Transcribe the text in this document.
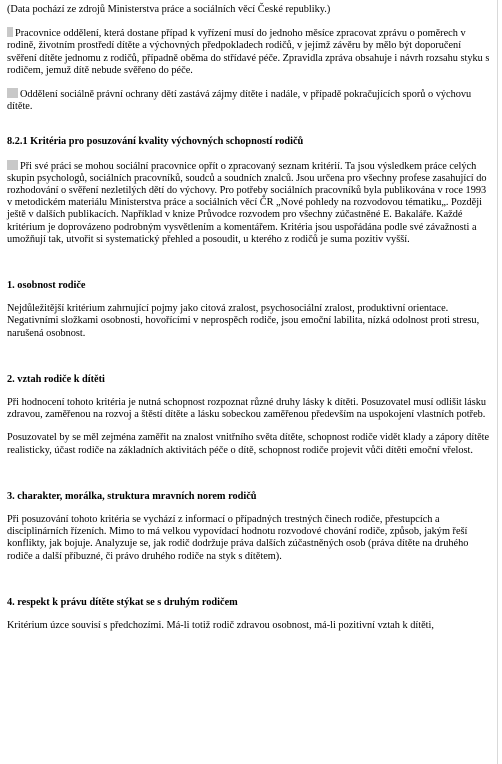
(Data pochází ze zdrojů Ministerstva práce a sociálních věcí České republiky.)

Pracovnice oddělení, která dostane případ k vyřízení musí do jednoho měsíce zpracovat zprávu o poměrech v rodině, životním prostředí dítěte a výchovných předpokladech rodičů, v jejímž závěru by mělo být doporučení svěření dítěte jednomu z rodičů, případně oběma do střídavé péče. Zpravidla zpráva obsahuje i návrh rozsahu styku s rodičem, jemuž dítě nebude svěřeno do péče.

Oddělení sociálně právní ochrany dětí zastává zájmy dítěte i nadále, v případě pokračujících sporů o výchovu dítěte.

8.2.1 Kritéria pro posuzování kvality výchovných schopností rodičů

Při své práci se mohou sociální pracovnice opřít o zpracovaný seznam kritérií. Ta jsou výsledkem práce celých skupin psychologů, sociálních pracovníků, soudců a soudních znalců. Jsou určena pro všechny profese zasahující do rozhodování o svěření nezletilých dětí do výchovy. Pro potřeby sociálních pracovníků byla publikována v roce 1993 v metodickém materiálu Ministerstva práce a sociálních věcí ČR „Nové pohledy na rozvodovou tématiku„. Později ještě v dalších publikacích. Například v knize Průvodce rozvodem pro všechny zúčastněné E. Bakaláře. Každé kritérium je doprovázeno podrobným vysvětlením a komentářem. Kritéria jsou uspořádána podle své závažnosti a umožňují tak, utvořit si systematický přehled a posoudit, u kterého z rodičů je suma pozitiv vyšší.

1. osobnost rodiče

Nejdůležitější kritérium zahrnující pojmy jako citová zralost, psychosociální zralost, produktivní orientace. Negativními složkami osobnosti, hovořícími v neprospěch rodiče, jsou emoční labilita, nízká odolnost proti stresu, narušená osobnost.

2. vztah rodiče k dítěti

Při hodnocení tohoto kritéria je nutná schopnost rozpoznat různé druhy lásky k dítěti. Posuzovatel musí odlišit lásku zdravou, zaměřenou na rozvoj a štěstí dítěte a lásku sobeckou zaměřenou především na uspokojení vlastních potřeb.

Posuzovatel by se měl zejména zaměřit na znalost vnitřního světa dítěte, schopnost rodiče vidět klady a zápory dítěte realisticky, účast rodiče na základních aktivitách péče o dítě, schopnost rodiče projevit vůči dítěti emoční vřelost.

3. charakter, morálka, struktura mravních norem rodičů

Při posuzování tohoto kritéria se vychází z informací o případných trestných činech rodiče, přestupcích a disciplinárních řízeních. Mimo to má velkou vypovídací hodnotu rozvodové chování rodiče, způsob, jakým řeší konflikty, jak bojuje. Analyzuje se, jak rodič dodržuje práva dalších zúčastněných osob (práva dítěte na druhého rodiče a další příbuzné, či právo druhého rodiče na styk s dítětem).

4. respekt k právu dítěte stýkat se s druhým rodičem

Kritérium úzce souvisí s předchozími. Má-li totiž rodič zdravou osobnost, má-li pozitivní vztah k dítěti,
